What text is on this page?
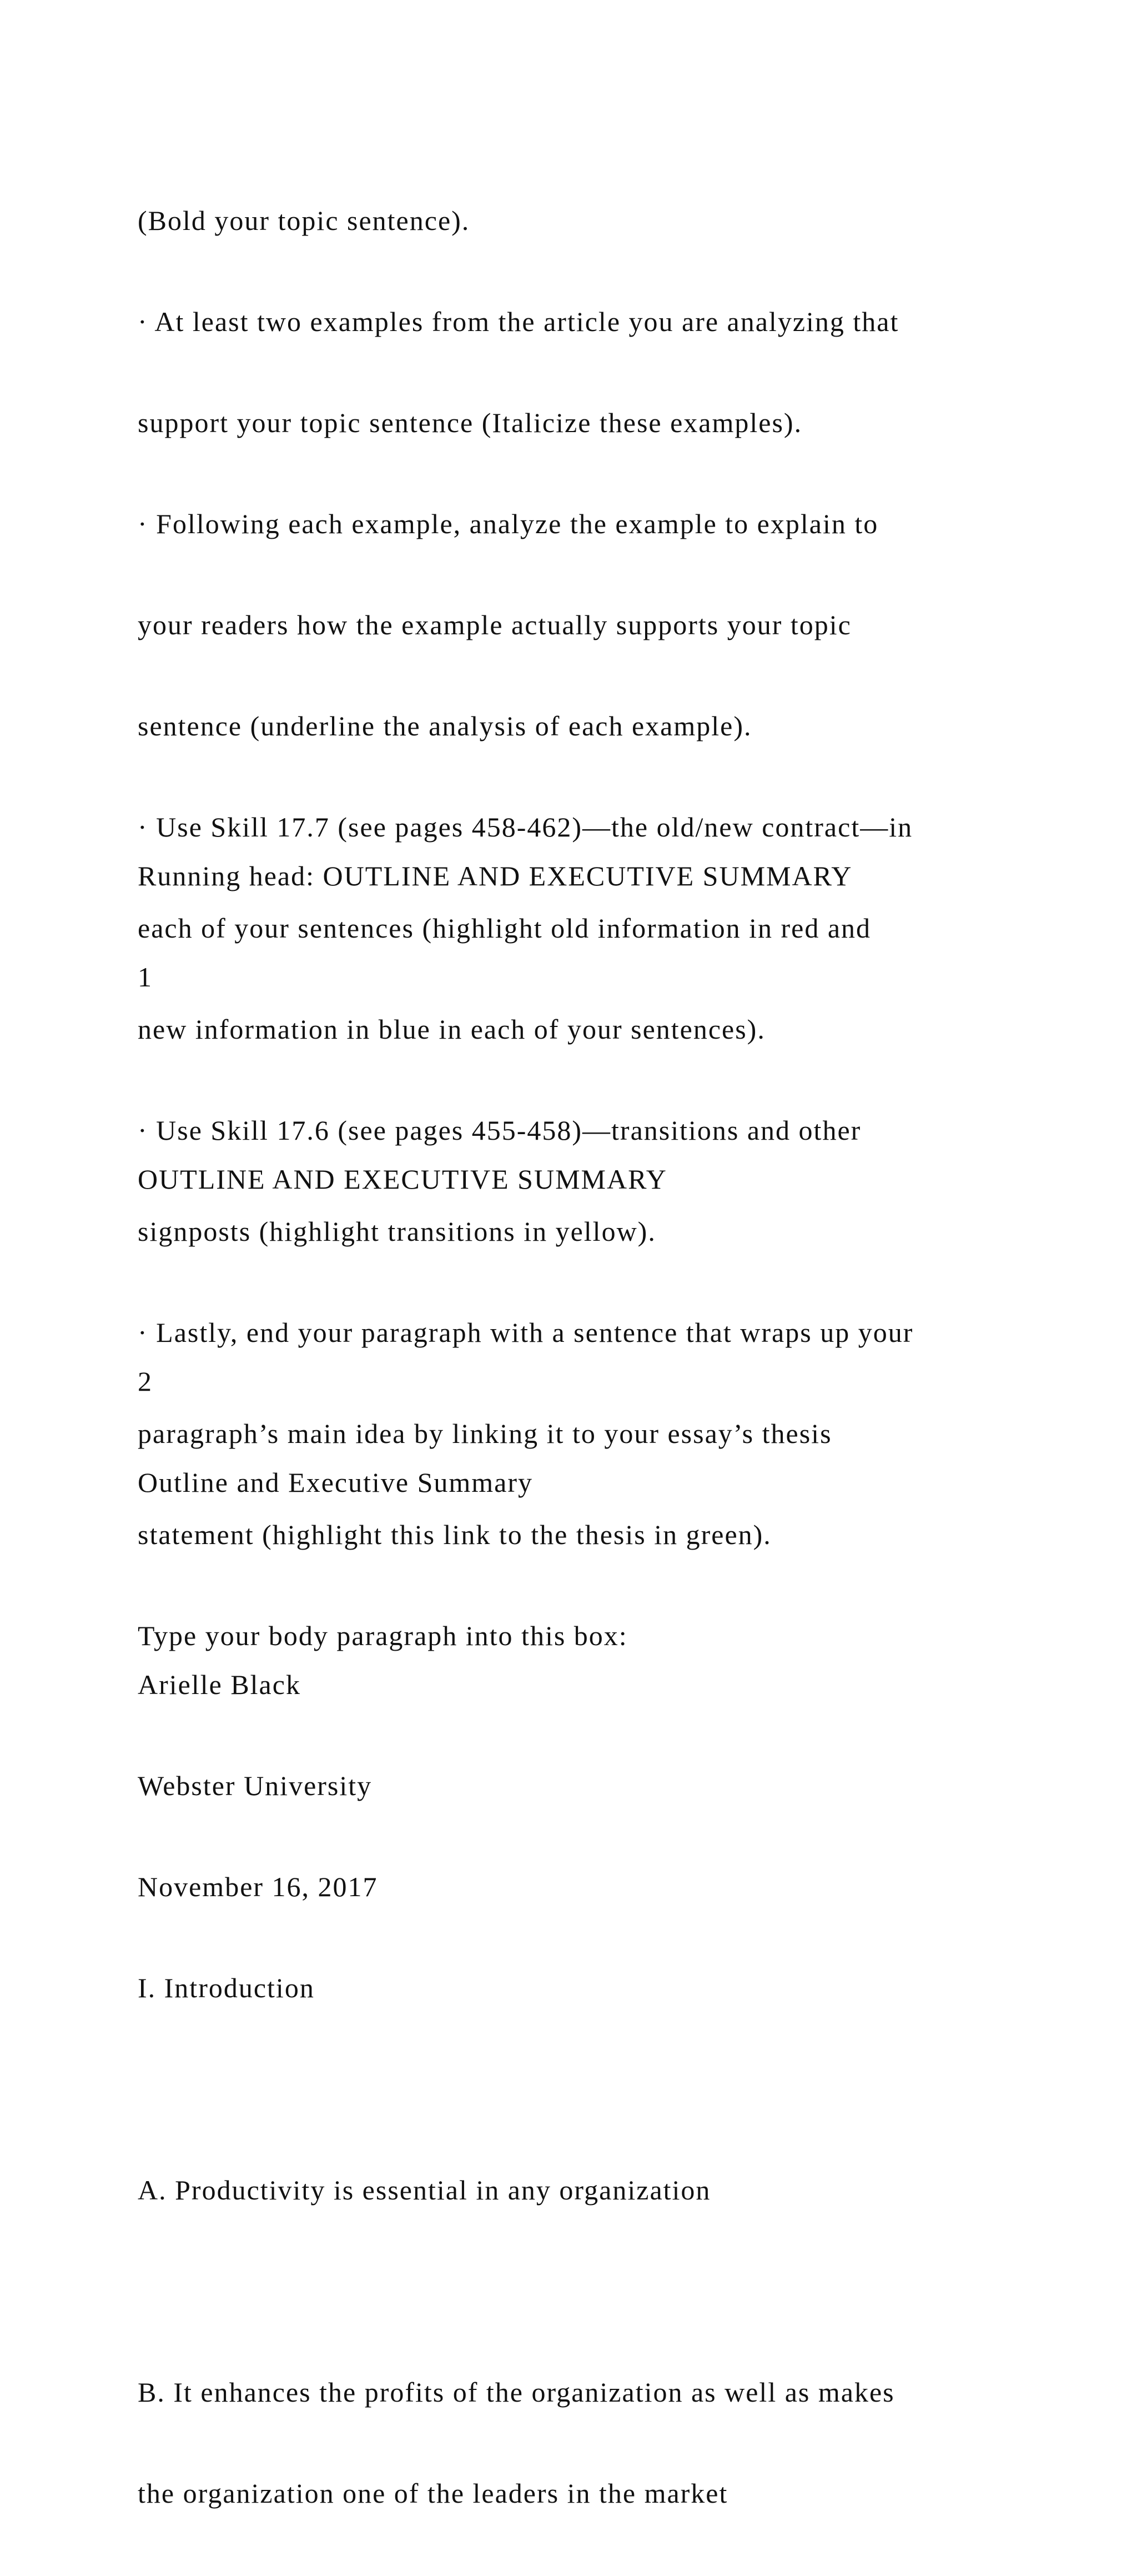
(Bold your topic sentence).

· At least two examples from the article you are analyzing that

support your topic sentence (Italicize these examples).

· Following each example, analyze the example to explain to

your readers how the example actually supports your topic

sentence (underline the analysis of each example).

· Use Skill 17.7 (see pages 458-462)—the old/new contract—in

each of your sentences (highlight old information in red and

new information in blue in each of your sentences).

· Use Skill 17.6 (see pages 455-458)—transitions and other

signposts (highlight transitions in yellow).

· Lastly, end your paragraph with a sentence that wraps up your

paragraph’s main idea by linking it to your essay’s thesis

statement (highlight this link to the thesis in green).

Type your body paragraph into this box:

Running head: OUTLINE AND EXECUTIVE SUMMARY

1

OUTLINE AND EXECUTIVE SUMMARY

2

Outline and Executive Summary

Arielle Black

Webster University

November 16, 2017

I. Introduction

A. Productivity is essential in any organization

B. It enhances the profits of the organization as well as makes

the organization one of the leaders in the market
